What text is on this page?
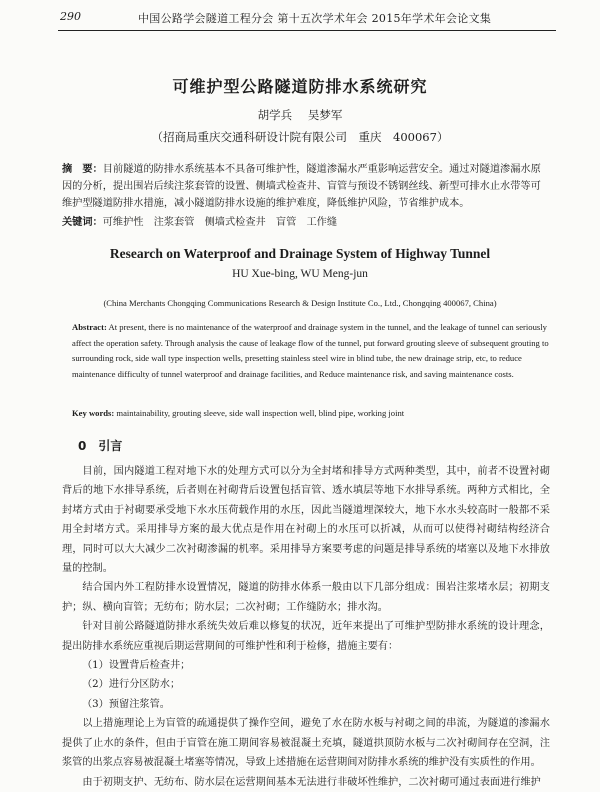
290	中国公路学会隧道工程分会 第十五次学术年会 2015年学术年会论文集
可维护型公路隧道防排水系统研究
胡学兵 吴梦军
（招商局重庆交通科研设计院有限公司　重庆　400067）
摘　要：目前隧道的防排水系统基本不具备可维护性，隧道渗漏水严重影响运营安全。通过对隧道渗漏水原因的分析，提出围岩后续注浆套管的设置、侧墙式检查井、盲管与预设不锈钢丝线、新型可排水止水带等可维护型隧道防排水措施，减小隧道防排水设施的维护难度，降低维护风险，节省维护成本。
关键词：可维护性　注浆套管　侧墙式检查井　盲管　工作缝
Research on Waterproof and Drainage System of Highway Tunnel
HU Xue-bing, WU Meng-jun
(China Merchants Chongqing Communications Research & Design Institute Co., Ltd., Chongqing 400067, China)
Abstract: At present, there is no maintenance of the waterproof and drainage system in the tunnel, and the leakage of tunnel can seriously affect the operation safety. Through analysis the cause of leakage flow of the tunnel, put forward grouting sleeve of subsequent grouting to surrounding rock, side wall type inspection wells, presetting stainless steel wire in blind tube, the new drainage strip, etc, to reduce maintenance difficulty of tunnel waterproof and drainage facilities, and Reduce maintenance risk, and saving maintenance costs.
Key words: maintainability, grouting sleeve, side wall inspection well, blind pipe, working joint
0 引言

目前，国内隧道工程对地下水的处理方式可以分为全封堵和排导方式两种类型，其中，前者不设置衬砌背后的地下水排导系统，后者则在衬砌背后设置包括盲管、透水填层等地下水排导系统。两种方式相比，全封堵方式由于衬砌要承受地下水水压荷载作用的水压，因此当隧道埋深较大，地下水水头较高时一般都不采用全封堵方式。采用排导方案的最大优点是作用在衬砌上的水压可以折减，从而可以使得衬砌结构经济合理，同时可以大大减少二次衬砌渗漏的机率。采用排导方案要考虑的问题是排导系统的堵塞以及地下水排放量的控制。

结合国内外工程防排水设置情况，隧道的防排水体系一般由以下几部分组成：围岩注浆堵水层；初期支护；纵、横向盲管；无纺布；防水层；二次衬砌；工作缝防水；排水沟。

针对目前公路隧道防排水系统失效后难以修复的状况，近年来提出了可维护型防排水系统的设计理念，提出防排水系统应重视后期运营期间的可维护性和利于检修，措施主要有：

（1）设置背后检查井；

（2）进行分区防水；

（3）预留注浆管。

以上措施理论上为盲管的疏通提供了操作空间，避免了水在防水板与衬砌之间的串流，为隧道的渗漏水提供了止水的条件，但由于盲管在施工期间容易被混凝土充填，隧道拱顶防水板与二次衬砌间存在空洞，注浆管的出浆点容易被混凝土堵塞等情况，导致上述措施在运营期间对防排水系统的维护没有实质性的作用。

由于初期支护、无纺布、防水层在运营期间基本无法进行非破坏性维护，二次衬砌可通过表面进行维护
